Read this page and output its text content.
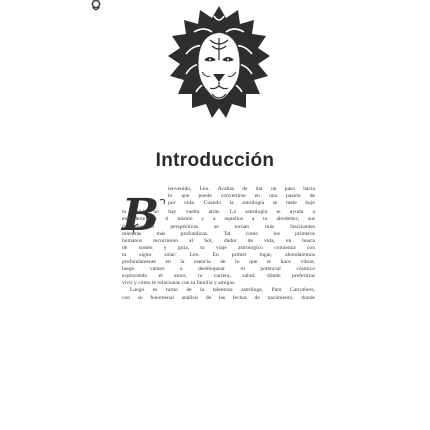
Introducción
B
ienvenido, Leo. Acabas de dar un paso hacia
lo que puede convertirse en una pasión de
por vida. Cuando la astrología se mete bajo
tu piel no hay vuelta atrás. La astrología te ayuda a
entenderte a ti mismo y a aquellos a tu alrededor; sus
deslumbrantes perspectivas se tornan más fascinantes
mientras más profundizas. Tal como los primeros
humanos recurrieron al Sol, dador de vida, en busca
de sostén y guía, tu viaje astrológico comienza con
tu signo solar: Leo. En primer lugar, ahondaremos
profundamente en la esencia de lo que te hace vibrar,
luego vamos a desbloquear tu potencial cósmico
explorando el amor, tu carrera, salud, dónde preferirías
vivir y cómo te relacionas con tu familia y amigos.
Luego es turno de la talentosa astróloga, Pam Carruthers,
con su fenomenal análisis de las fechas de nacimiento, donde
